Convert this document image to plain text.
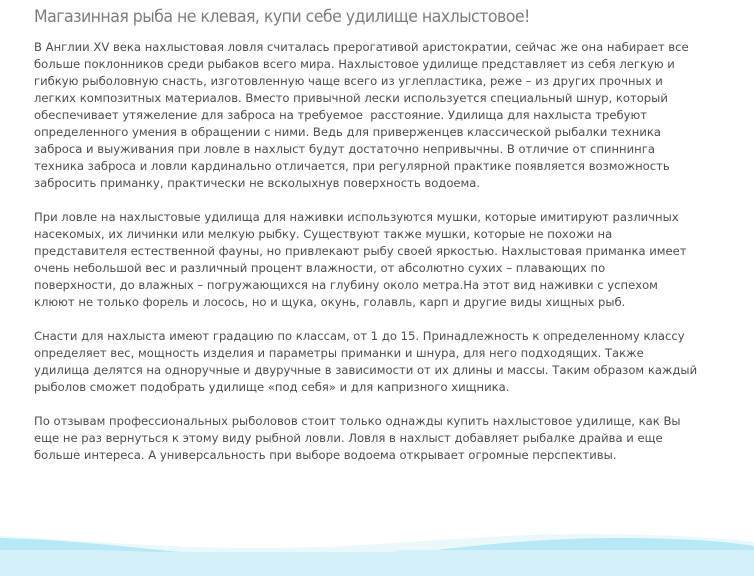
Магазинная рыба не клевая, купи себе удилище нахлыстовое!

В Англии XV века нахлыстовая ловля считалась прерогативой аристократии, сейчас же она набирает все
больше поклонников среди рыбаков всего мира. Нахлыстовое удилище представляет из себя легкую и
гибкую рыболовную снасть, изготовленную чаще всего из углепластика, реже – из других прочных и
легких композитных материалов. Вместо привычной лески используется специальный шнур, который
обеспечивает утяжеление для заброса на требуемое  расстояние. Удилища для нахлыста требуют
определенного умения в обращении с ними. Ведь для приверженцев классической рыбалки техника
заброса и выуживания при ловле в нахлыст будут достаточно непривычны. В отличие от спиннинга
техника заброса и ловли кардинально отличается, при регулярной практике появляется возможность
забросить приманку, практически не всколыхнув поверхность водоема.

При ловле на нахлыстовые удилища для наживки используются мушки, которые имитируют различных
насекомых, их личинки или мелкую рыбку. Существуют также мушки, которые не похожи на
представителя естественной фауны, но привлекают рыбу своей яркостью. Нахлыстовая приманка имеет
очень небольшой вес и различный процент влажности, от абсолютно сухих – плавающих по
поверхности, до влажных – погружающихся на глубину около метра.На этот вид наживки с успехом
клюют не только форель и лосось, но и щука, окунь, голавль, карп и другие виды хищных рыб.

Снасти для нахлыста имеют градацию по классам, от 1 до 15. Принадлежность к определенному классу
определяет вес, мощность изделия и параметры приманки и шнура, для него подходящих. Также
удилища делятся на одноручные и двуручные в зависимости от их длины и массы. Таким образом каждый
рыболов сможет подобрать удилище «под себя» и для капризного хищника.

По отзывам профессиональных рыболовов стоит только однажды купить нахлыстовое удилище, как Вы
еще не раз вернуться к этому виду рыбной ловли. Ловля в нахлыст добавляет рыбалке драйва и еще
больше интереса. А универсальность при выборе водоема открывает огромные перспективы.
